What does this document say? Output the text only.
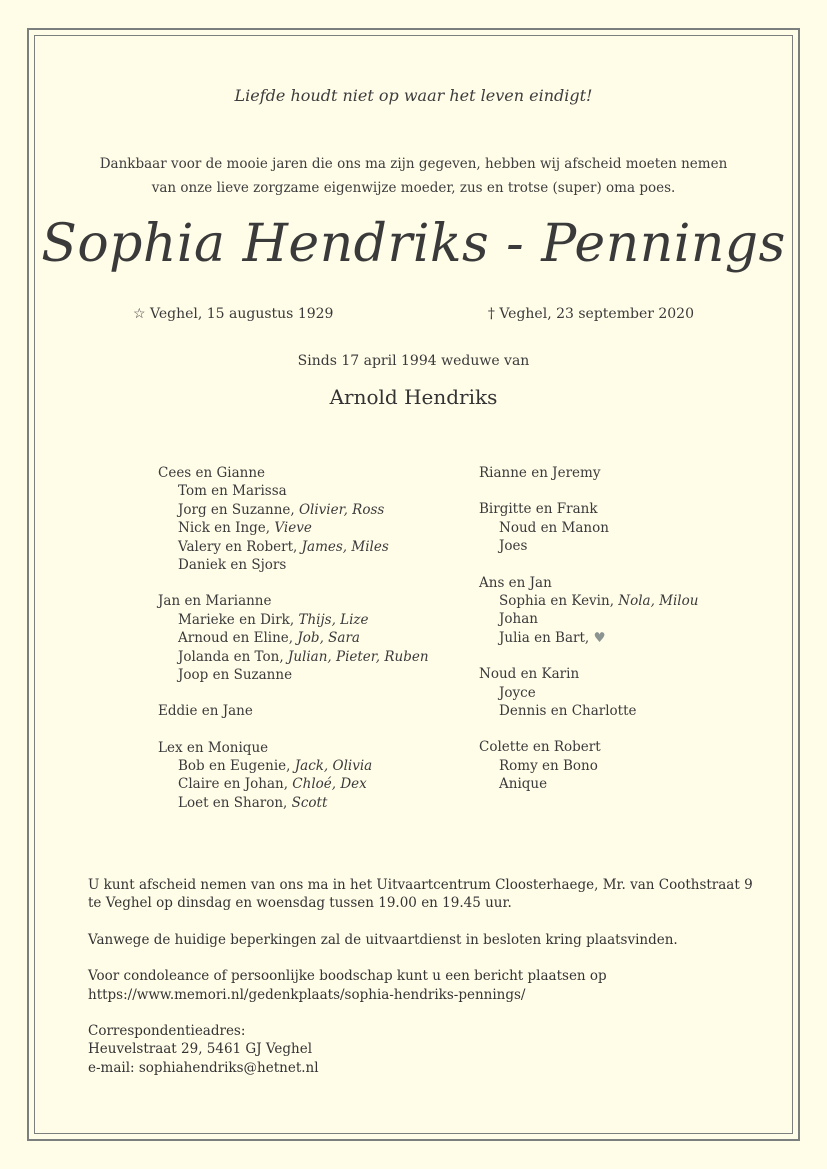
Liefde houdt niet op waar het leven eindigt!
Dankbaar voor de mooie jaren die ons ma zijn gegeven, hebben wij afscheid moeten nemen
van onze lieve zorgzame eigenwijze moeder, zus en trotse (super) oma poes.
Sophia Hendriks - Pennings
☆ Veghel, 15 augustus 1929	† Veghel, 23 september 2020
Sinds 17 april 1994 weduwe van
Arnold Hendriks
Cees en Gianne
Tom en Marissa
Jorg en Suzanne, Olivier, Ross
Nick en Inge, Vieve
Valery en Robert, James, Miles
Daniek en Sjors
Jan en Marianne
Marieke en Dirk, Thijs, Lize
Arnoud en Eline, Job, Sara
Jolanda en Ton, Julian, Pieter, Ruben
Joop en Suzanne
Eddie en Jane
Lex en Monique
Bob en Eugenie, Jack, Olivia
Claire en Johan, Chloé, Dex
Loet en Sharon, Scott
Rianne en Jeremy
Birgitte en Frank
Noud en Manon
Joes
Ans en Jan
Sophia en Kevin, Nola, Milou
Johan
Julia en Bart, ♥
Noud en Karin
Joyce
Dennis en Charlotte
Colette en Robert
Romy en Bono
Anique

U kunt afscheid nemen van ons ma in het Uitvaartcentrum Cloosterhaege, Mr. van Coothstraat 9
te Veghel op dinsdag en woensdag tussen 19.00 en 19.45 uur.

Vanwege de huidige beperkingen zal de uitvaartdienst in besloten kring plaatsvinden.

Voor condoleance of persoonlijke boodschap kunt u een bericht plaatsen op
https://www.memori.nl/gedenkplaats/sophia-hendriks-pennings/

Correspondentieadres:
Heuvelstraat 29, 5461 GJ Veghel
e-mail: sophiahendriks@hetnet.nl
